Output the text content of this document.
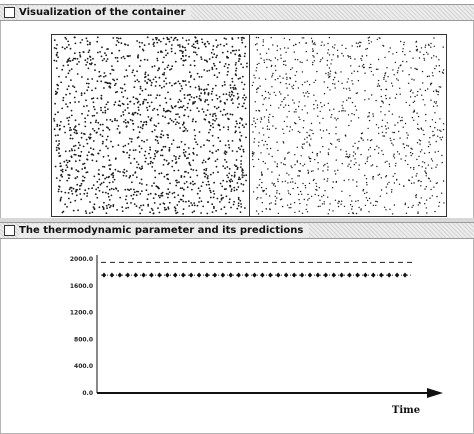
Visualization of the container
The thermodynamic parameter and its predictions
2000.0
1600.0
1200.0
800.0
400.0
0.0
Time
